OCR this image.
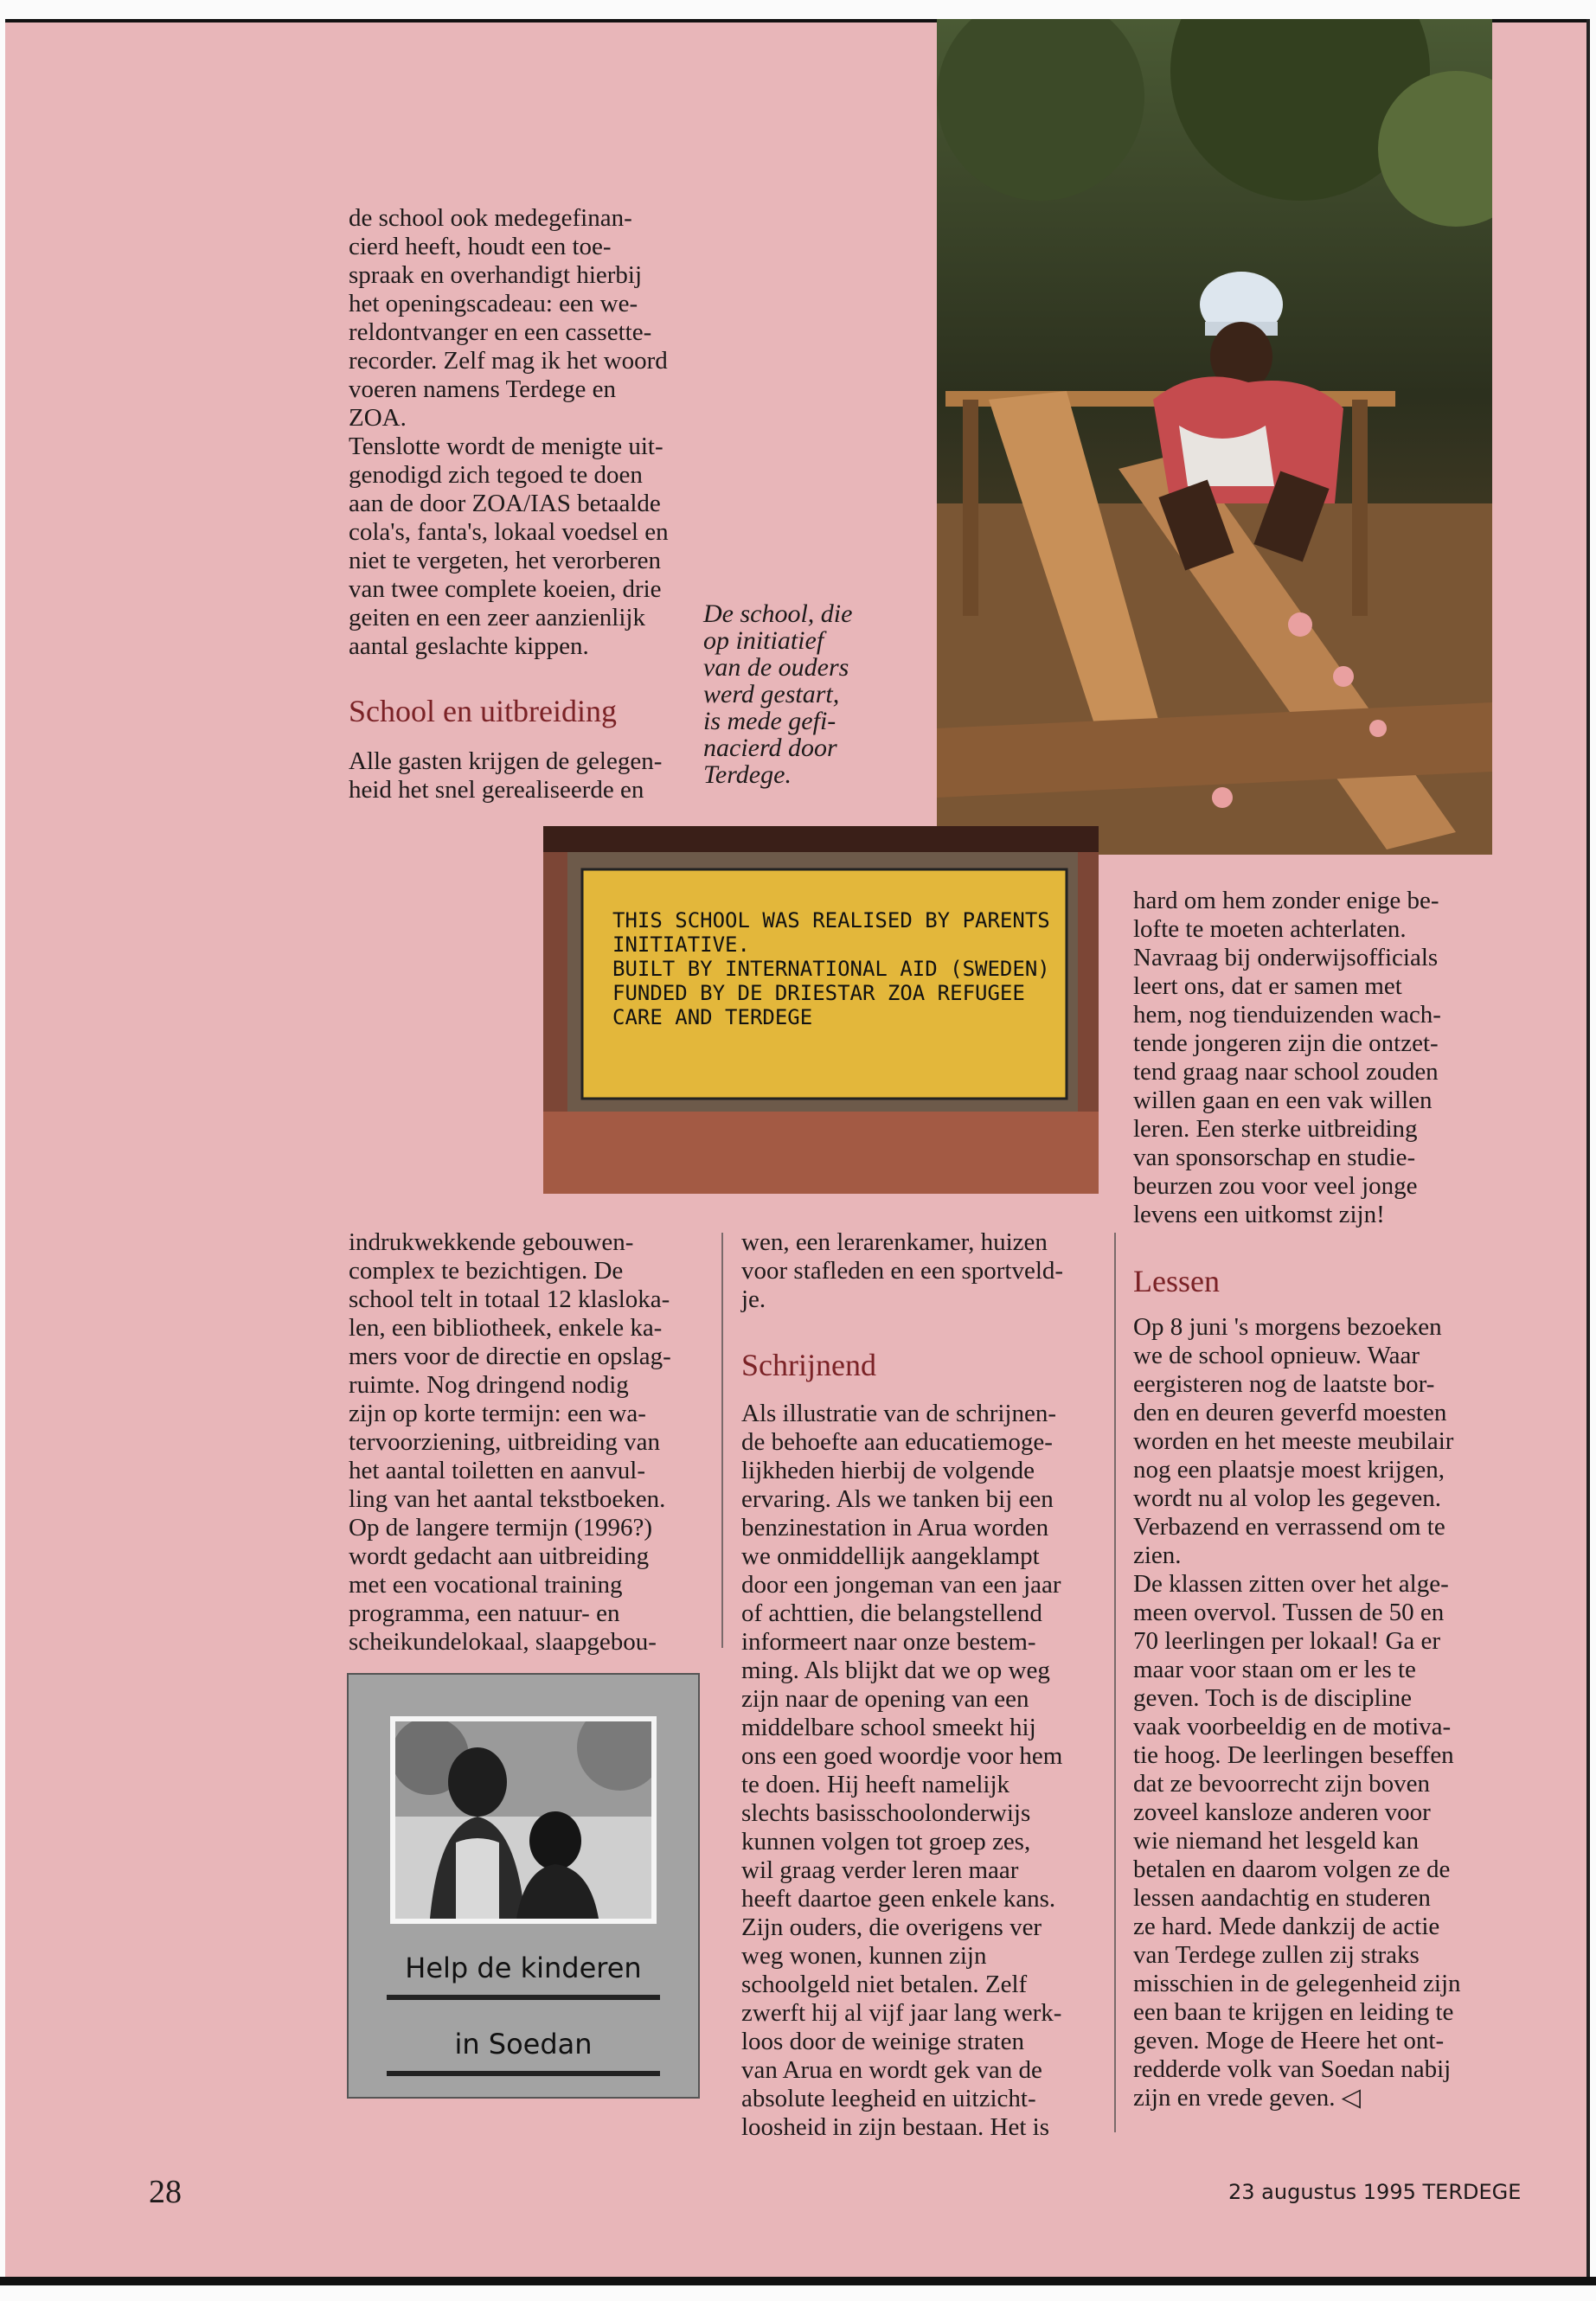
de school ook medegefinan-
cierd heeft, houdt een toe-
spraak en overhandigt hierbij
het openingscadeau: een we-
reldontvanger en een cassette-
recorder. Zelf mag ik het woord
voeren namens Terdege en
ZOA.
Tenslotte wordt de menigte uit-
genodigd zich tegoed te doen
aan de door ZOA/IAS betaalde
cola's, fanta's, lokaal voedsel en
niet te vergeten, het verorberen
van twee complete koeien, drie
geiten en een zeer aanzienlijk
aantal geslachte kippen.

School en uitbreiding

Alle gasten krijgen de gelegen-
heid het snel gerealiseerde en

De school, die
op initiatief
van de ouders
werd gestart,
is mede gefi-
nacierd door
Terdege.
THIS SCHOOL WAS REALISED BY PARENTS
INITIATIVE.
BUILT BY INTERNATIONAL AID (SWEDEN)
FUNDED BY DE DRIESTAR ZOA REFUGEE
CARE AND TERDEGE

hard om hem zonder enige be-
lofte te moeten achterlaten.
Navraag bij onderwijsofficials
leert ons, dat er samen met
hem, nog tienduizenden wach-
tende jongeren zijn die ontzet-
tend graag naar school zouden
willen gaan en een vak willen
leren. Een sterke uitbreiding
van sponsorschap en studie-
beurzen zou voor veel jonge
levens een uitkomst zijn!

indrukwekkende gebouwen-
complex te bezichtigen. De
school telt in totaal 12 klasloka-
len, een bibliotheek, enkele ka-
mers voor de directie en opslag-
ruimte. Nog dringend nodig
zijn op korte termijn: een wa-
tervoorziening, uitbreiding van
het aantal toiletten en aanvul-
ling van het aantal tekstboeken.
Op de langere termijn (1996?)
wordt gedacht aan uitbreiding
met een vocational training
programma, een natuur- en
scheikundelokaal, slaapgebou-

wen, een lerarenkamer, huizen
voor stafleden en een sportveld-
je.

Schrijnend

Als illustratie van de schrijnen-
de behoefte aan educatiemoge-
lijkheden hierbij de volgende
ervaring. Als we tanken bij een
benzinestation in Arua worden
we onmiddellijk aangeklampt
door een jongeman van een jaar
of achttien, die belangstellend
informeert naar onze bestem-
ming. Als blijkt dat we op weg
zijn naar de opening van een
middelbare school smeekt hij
ons een goed woordje voor hem
te doen. Hij heeft namelijk
slechts basisschoolonderwijs
kunnen volgen tot groep zes,
wil graag verder leren maar
heeft daartoe geen enkele kans.
Zijn ouders, die overigens ver
weg wonen, kunnen zijn
schoolgeld niet betalen. Zelf
zwerft hij al vijf jaar lang werk-
loos door de weinige straten
van Arua en wordt gek van de
absolute leegheid en uitzicht-
loosheid in zijn bestaan. Het is

Lessen

Op 8 juni 's morgens bezoeken
we de school opnieuw. Waar
eergisteren nog de laatste bor-
den en deuren geverfd moesten
worden en het meeste meubilair
nog een plaatsje moest krijgen,
wordt nu al volop les gegeven.
Verbazend en verrassend om te
zien.
De klassen zitten over het alge-
meen overvol. Tussen de 50 en
70 leerlingen per lokaal! Ga er
maar voor staan om er les te
geven. Toch is de discipline
vaak voorbeeldig en de motiva-
tie hoog. De leerlingen beseffen
dat ze bevoorrecht zijn boven
zoveel kansloze anderen voor
wie niemand het lesgeld kan
betalen en daarom volgen ze de
lessen aandachtig en studeren
ze hard. Mede dankzij de actie
van Terdege zullen zij straks
misschien in de gelegenheid zijn
een baan te krijgen en leiding te
geven. Moge de Heere het ont-
redderde volk van Soedan nabij
zijn en vrede geven. ◁

Help de kinderen
in Soedan
28	23 augustus 1995 TERDEGE
